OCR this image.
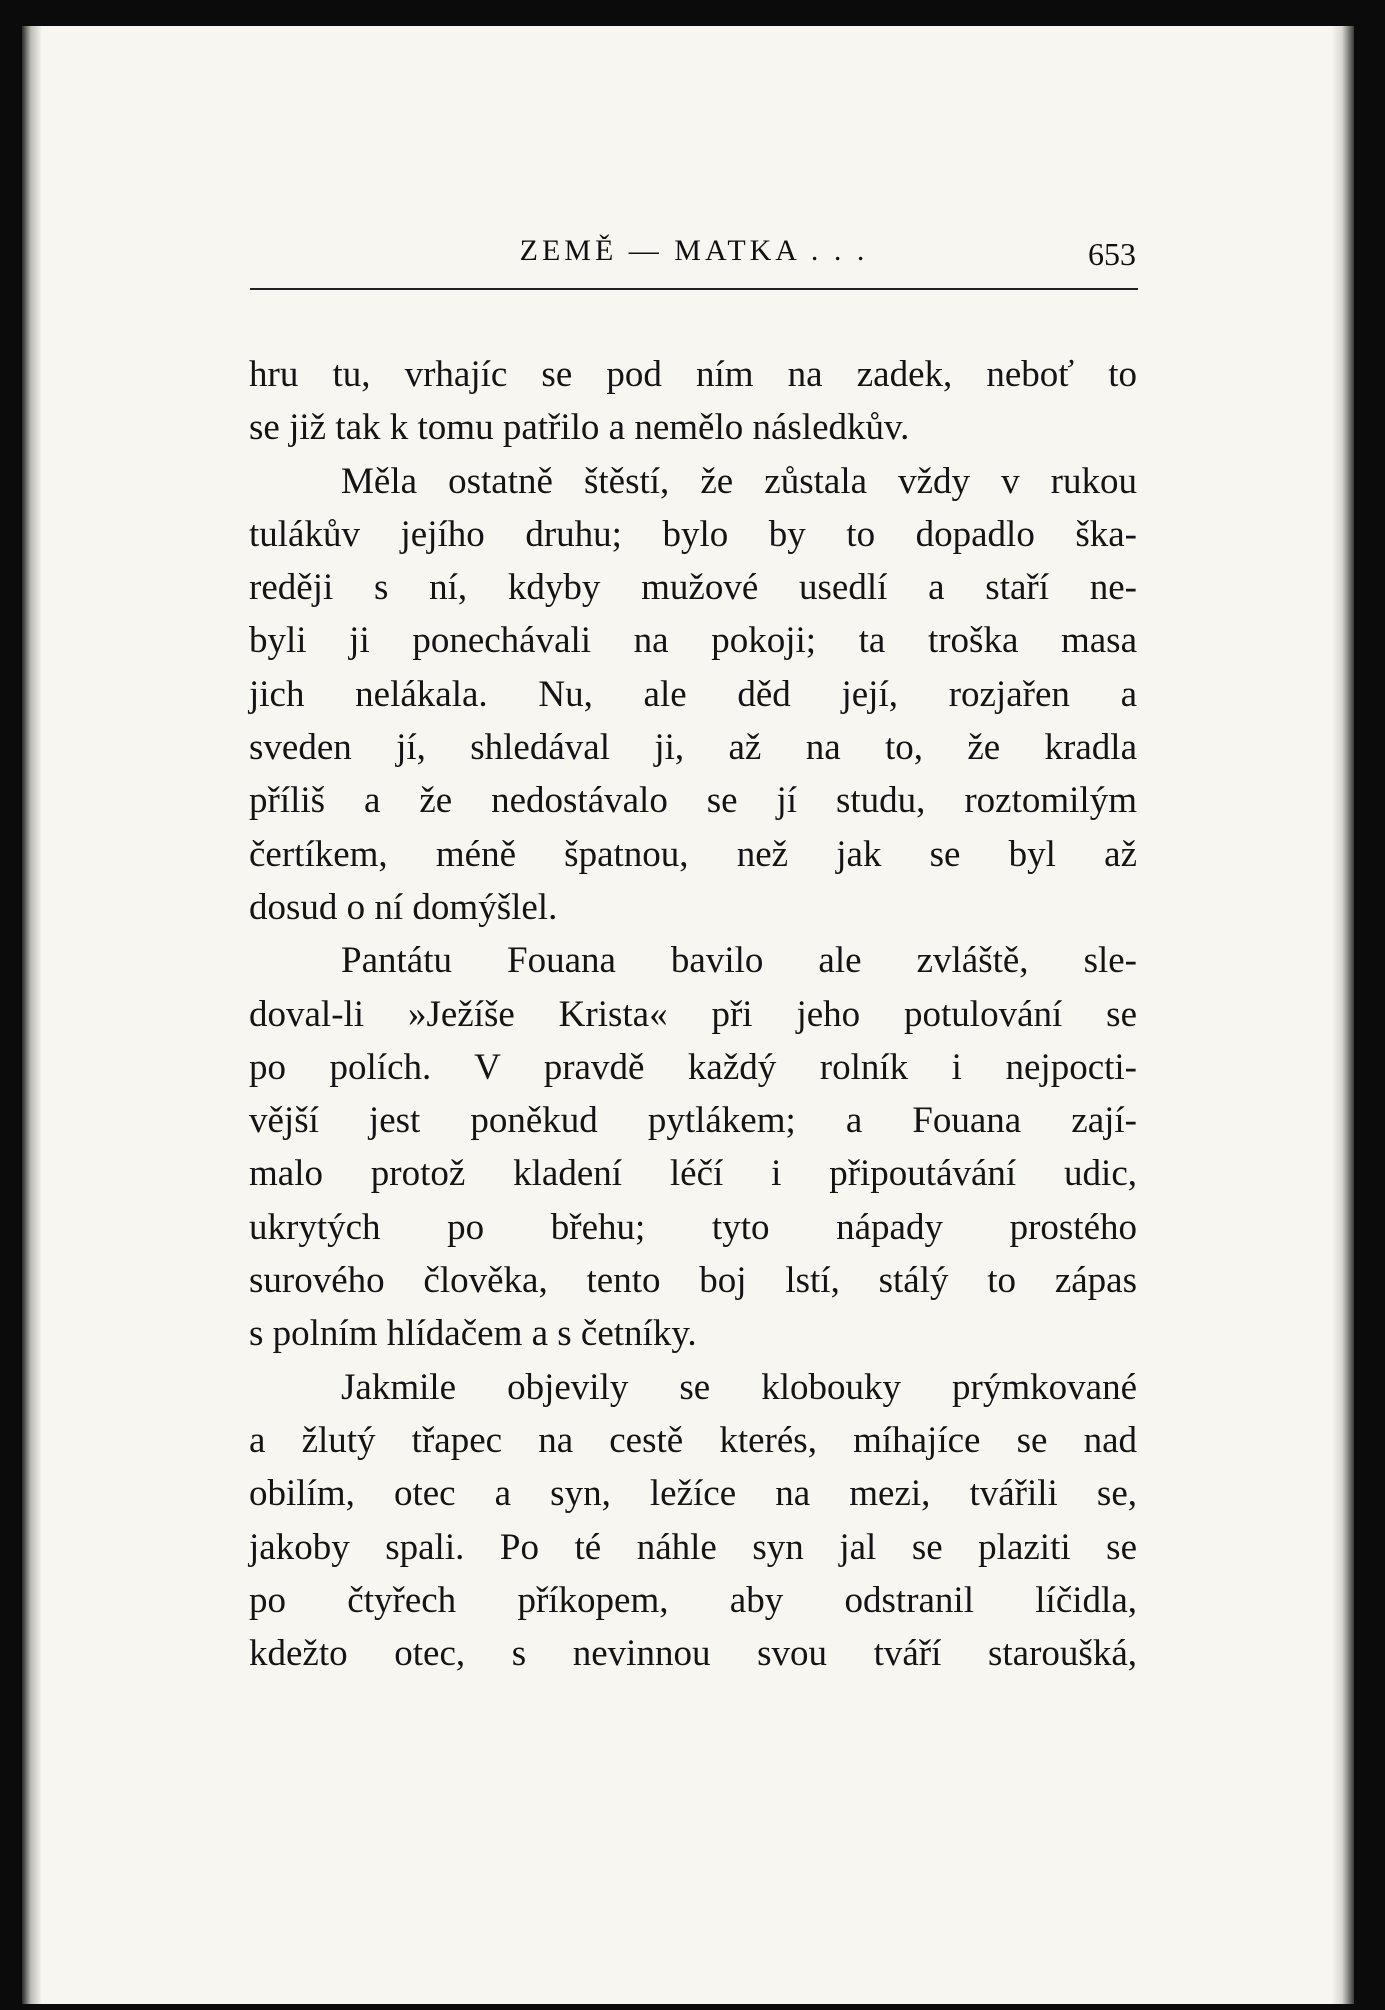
ZEMĚ — MATKA . . .	653
hru tu, vrhajíc se pod ním na zadek, neboť to
se již tak k tomu patřilo a nemělo následkův.
Měla ostatně štěstí, že zůstala vždy v rukou
tulákův jejího druhu; bylo by to dopadlo ška-
reději s ní, kdyby mužové usedlí a staří ne-
byli ji ponechávali na pokoji; ta troška masa
jich nelákala. Nu, ale děd její, rozjařen a
sveden jí, shledával ji, až na to, že kradla
příliš a že nedostávalo se jí studu, roztomilým
čertíkem, méně špatnou, než jak se byl až
dosud o ní domýšlel.
Pantátu Fouana bavilo ale zvláště, sle-
doval-li »Ježíše Krista« při jeho potulování se
po polích. V pravdě každý rolník i nejpocti-
vější jest poněkud pytlákem; a Fouana zají-
malo protož kladení léčí i připoutávání udic,
ukrytých po břehu; tyto nápady prostého
surového člověka, tento boj lstí, stálý to zápas
s polním hlídačem a s četníky.
Jakmile objevily se klobouky prýmkované
a žlutý třapec na cestě kterés, míhajíce se nad
obilím, otec a syn, ležíce na mezi, tvářili se,
jakoby spali. Po té náhle syn jal se plaziti se
po čtyřech příkopem, aby odstranil líčidla,
kdežto otec, s nevinnou svou tváří staroušká,
